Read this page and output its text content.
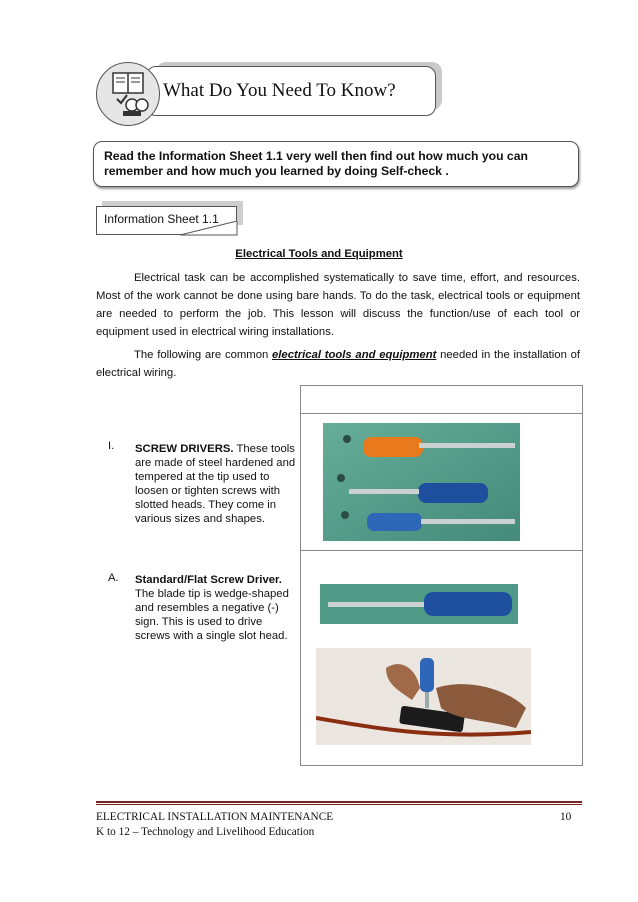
What Do You Need To Know?
Read the Information Sheet 1.1 very well then find out how much you can remember and how much you learned by doing Self-check .
Information Sheet 1.1
Electrical Tools and Equipment

Electrical task can be accomplished systematically to save time, effort, and resources. Most of the work cannot be done using bare hands. To do the task, electrical tools or equipment are needed to perform the job. This lesson will discuss the function/use of each tool or equipment used in electrical wiring installations.

The following are common electrical tools and equipment needed in the installation of electrical wiring.

I. SCREW DRIVERS. These tools are made of steel hardened and tempered at the tip used to loosen or tighten screws with slotted heads. They come in various sizes and shapes.
A. Standard/Flat Screw Driver.
The blade tip is wedge-shaped and resembles a negative (-) sign. This is used to drive screws with a single slot head.
ELECTRICAL INSTALLATION MAINTENANCE
K to 12 – Technology and Livelihood Education
10
